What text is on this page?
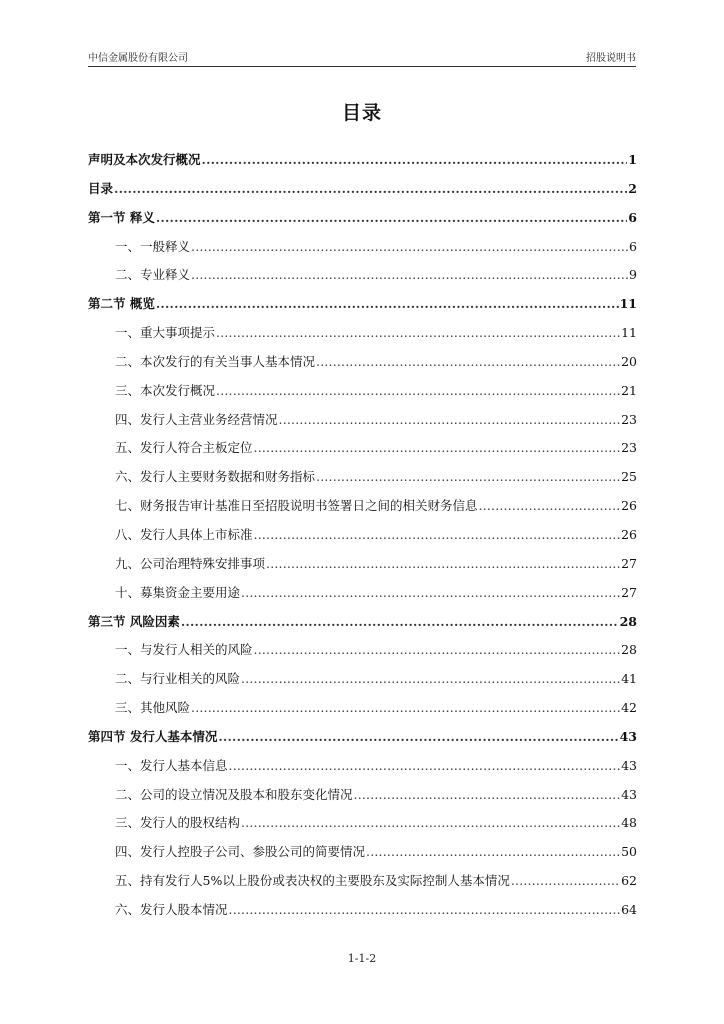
中信金属股份有限公司	招股说明书
目录
声明及本次发行概况 .....	1
目录 .....	2
第一节 释义 .....	6
一、一般释义 .....	6
二、专业释义 .....	9
第二节 概览 .....	11
一、重大事项提示 .....	11
二、本次发行的有关当事人基本情况 .....	20
三、本次发行概况 .....	21
四、发行人主营业务经营情况 .....	23
五、发行人符合主板定位 .....	23
六、发行人主要财务数据和财务指标 .....	25
七、财务报告审计基准日至招股说明书签署日之间的相关财务信息 .....	26
八、发行人具体上市标准 .....	26
九、公司治理特殊安排事项 .....	27
十、募集资金主要用途 .....	27
第三节 风险因素 .....	28
一、与发行人相关的风险 .....	28
二、与行业相关的风险 .....	41
三、其他风险 .....	42
第四节 发行人基本情况 .....	43
一、发行人基本信息 .....	43
二、公司的设立情况及股本和股东变化情况 .....	43
三、发行人的股权结构 .....	48
四、发行人控股子公司、参股公司的简要情况 .....	50
五、持有发行人5%以上股份或表决权的主要股东及实际控制人基本情况 .....	62
六、发行人股本情况 .....	64
1-1-2
